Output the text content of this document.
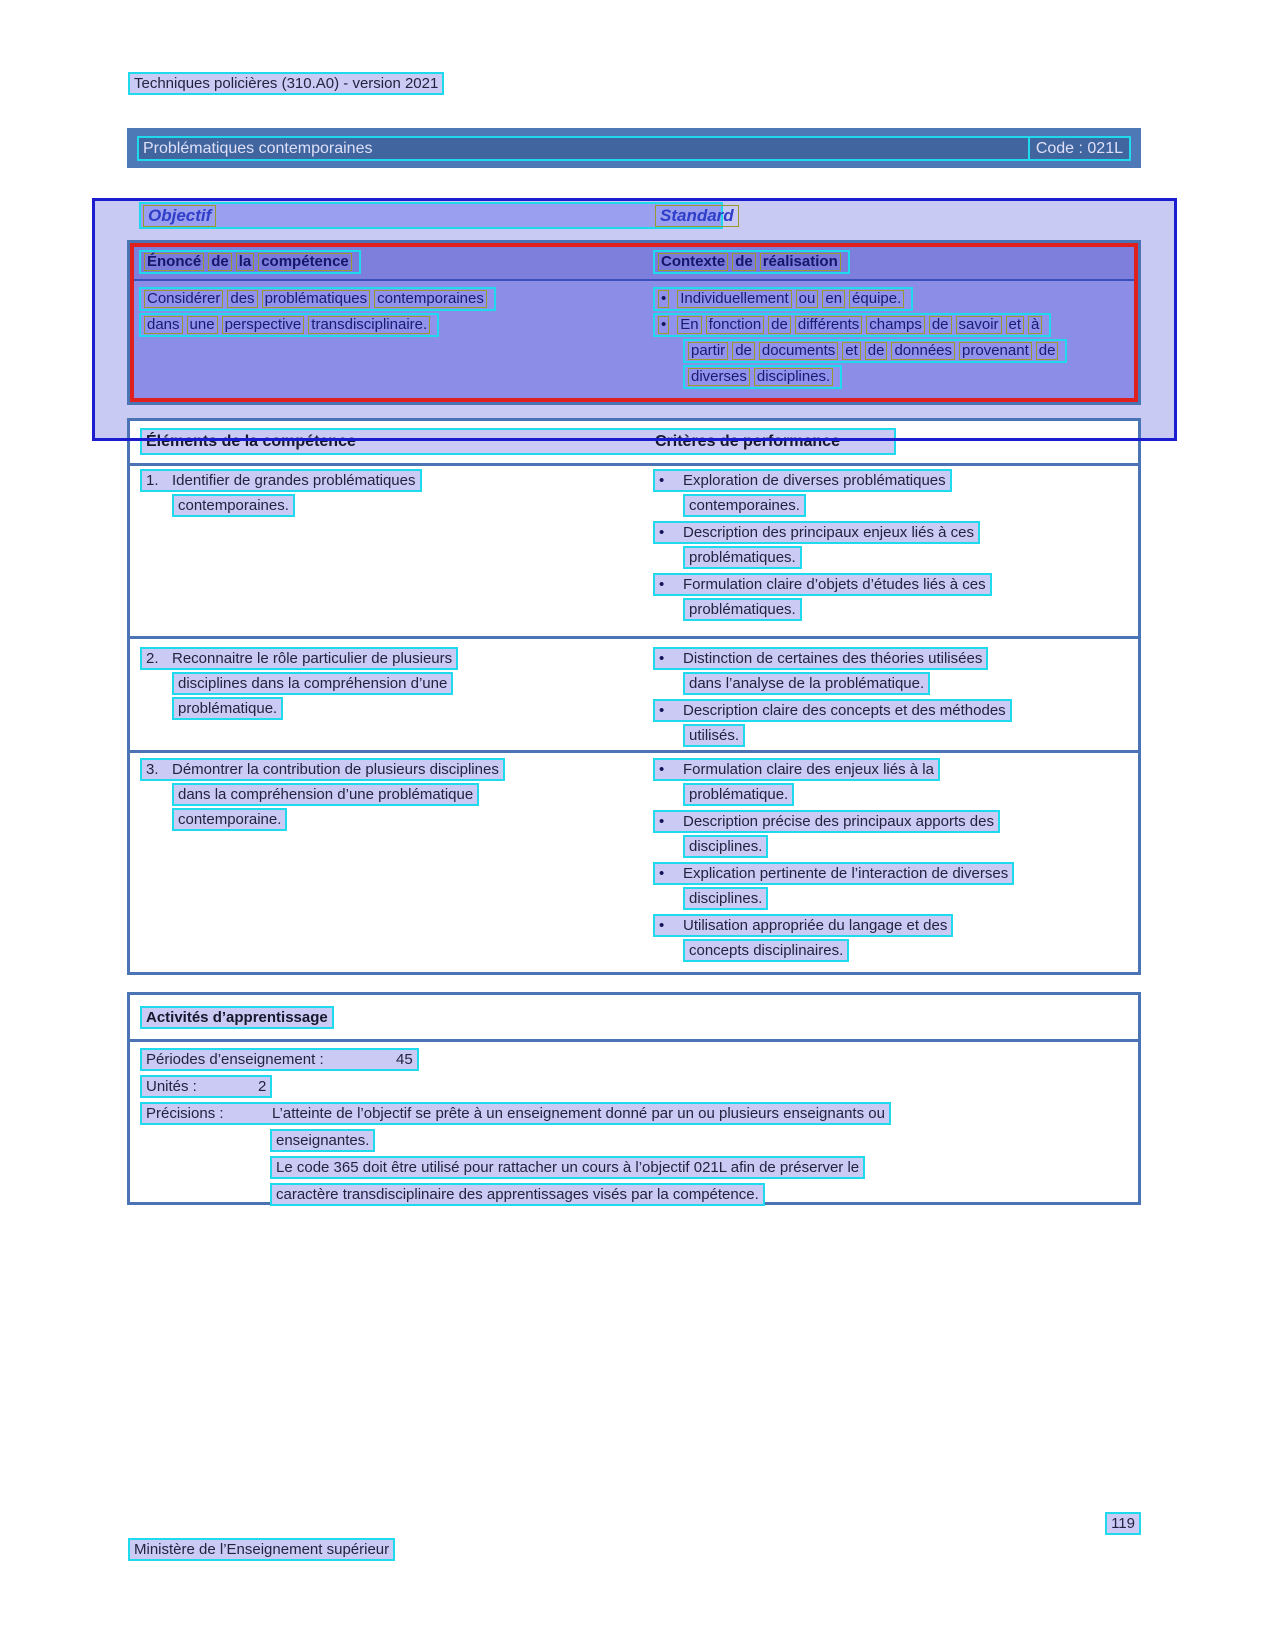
Techniques policières (310.A0) - version 2021
Problématiques contemporaines	Code : 021L
Objectif	Standard
Énoncé de la compétence	Contexte de réalisation
Considérer des problématiques contemporaines
dans une perspective transdisciplinaire.
• Individuellement ou en équipe.
• En fonction de différents champs de savoir et à
partir de documents et de données provenant de
diverses disciplines.
Éléments de la compétence	Critères de performance
1. Identifier de grandes problématiques
contemporaines.
• Exploration de diverses problématiques
contemporaines.
• Description des principaux enjeux liés à ces
problématiques.
• Formulation claire d’objets d’études liés à ces
problématiques.
2. Reconnaitre le rôle particulier de plusieurs
disciplines dans la compréhension d’une
problématique.
• Distinction de certaines des théories utilisées
dans l’analyse de la problématique.
• Description claire des concepts et des méthodes
utilisés.
3. Démontrer la contribution de plusieurs disciplines
dans la compréhension d’une problématique
contemporaine.
• Formulation claire des enjeux liés à la
problématique.
• Description précise des principaux apports des
disciplines.
• Explication pertinente de l’interaction de diverses
disciplines.
• Utilisation appropriée du langage et des
concepts disciplinaires.
Activités d’apprentissage
Périodes d’enseignement :	45
Unités :	2
Précisions :	L’atteinte de l’objectif se prête à un enseignement donné par un ou plusieurs enseignants ou
enseignantes.
Le code 365 doit être utilisé pour rattacher un cours à l’objectif 021L afin de préserver le
caractère transdisciplinaire des apprentissages visés par la compétence.
119
Ministère de l’Enseignement supérieur
